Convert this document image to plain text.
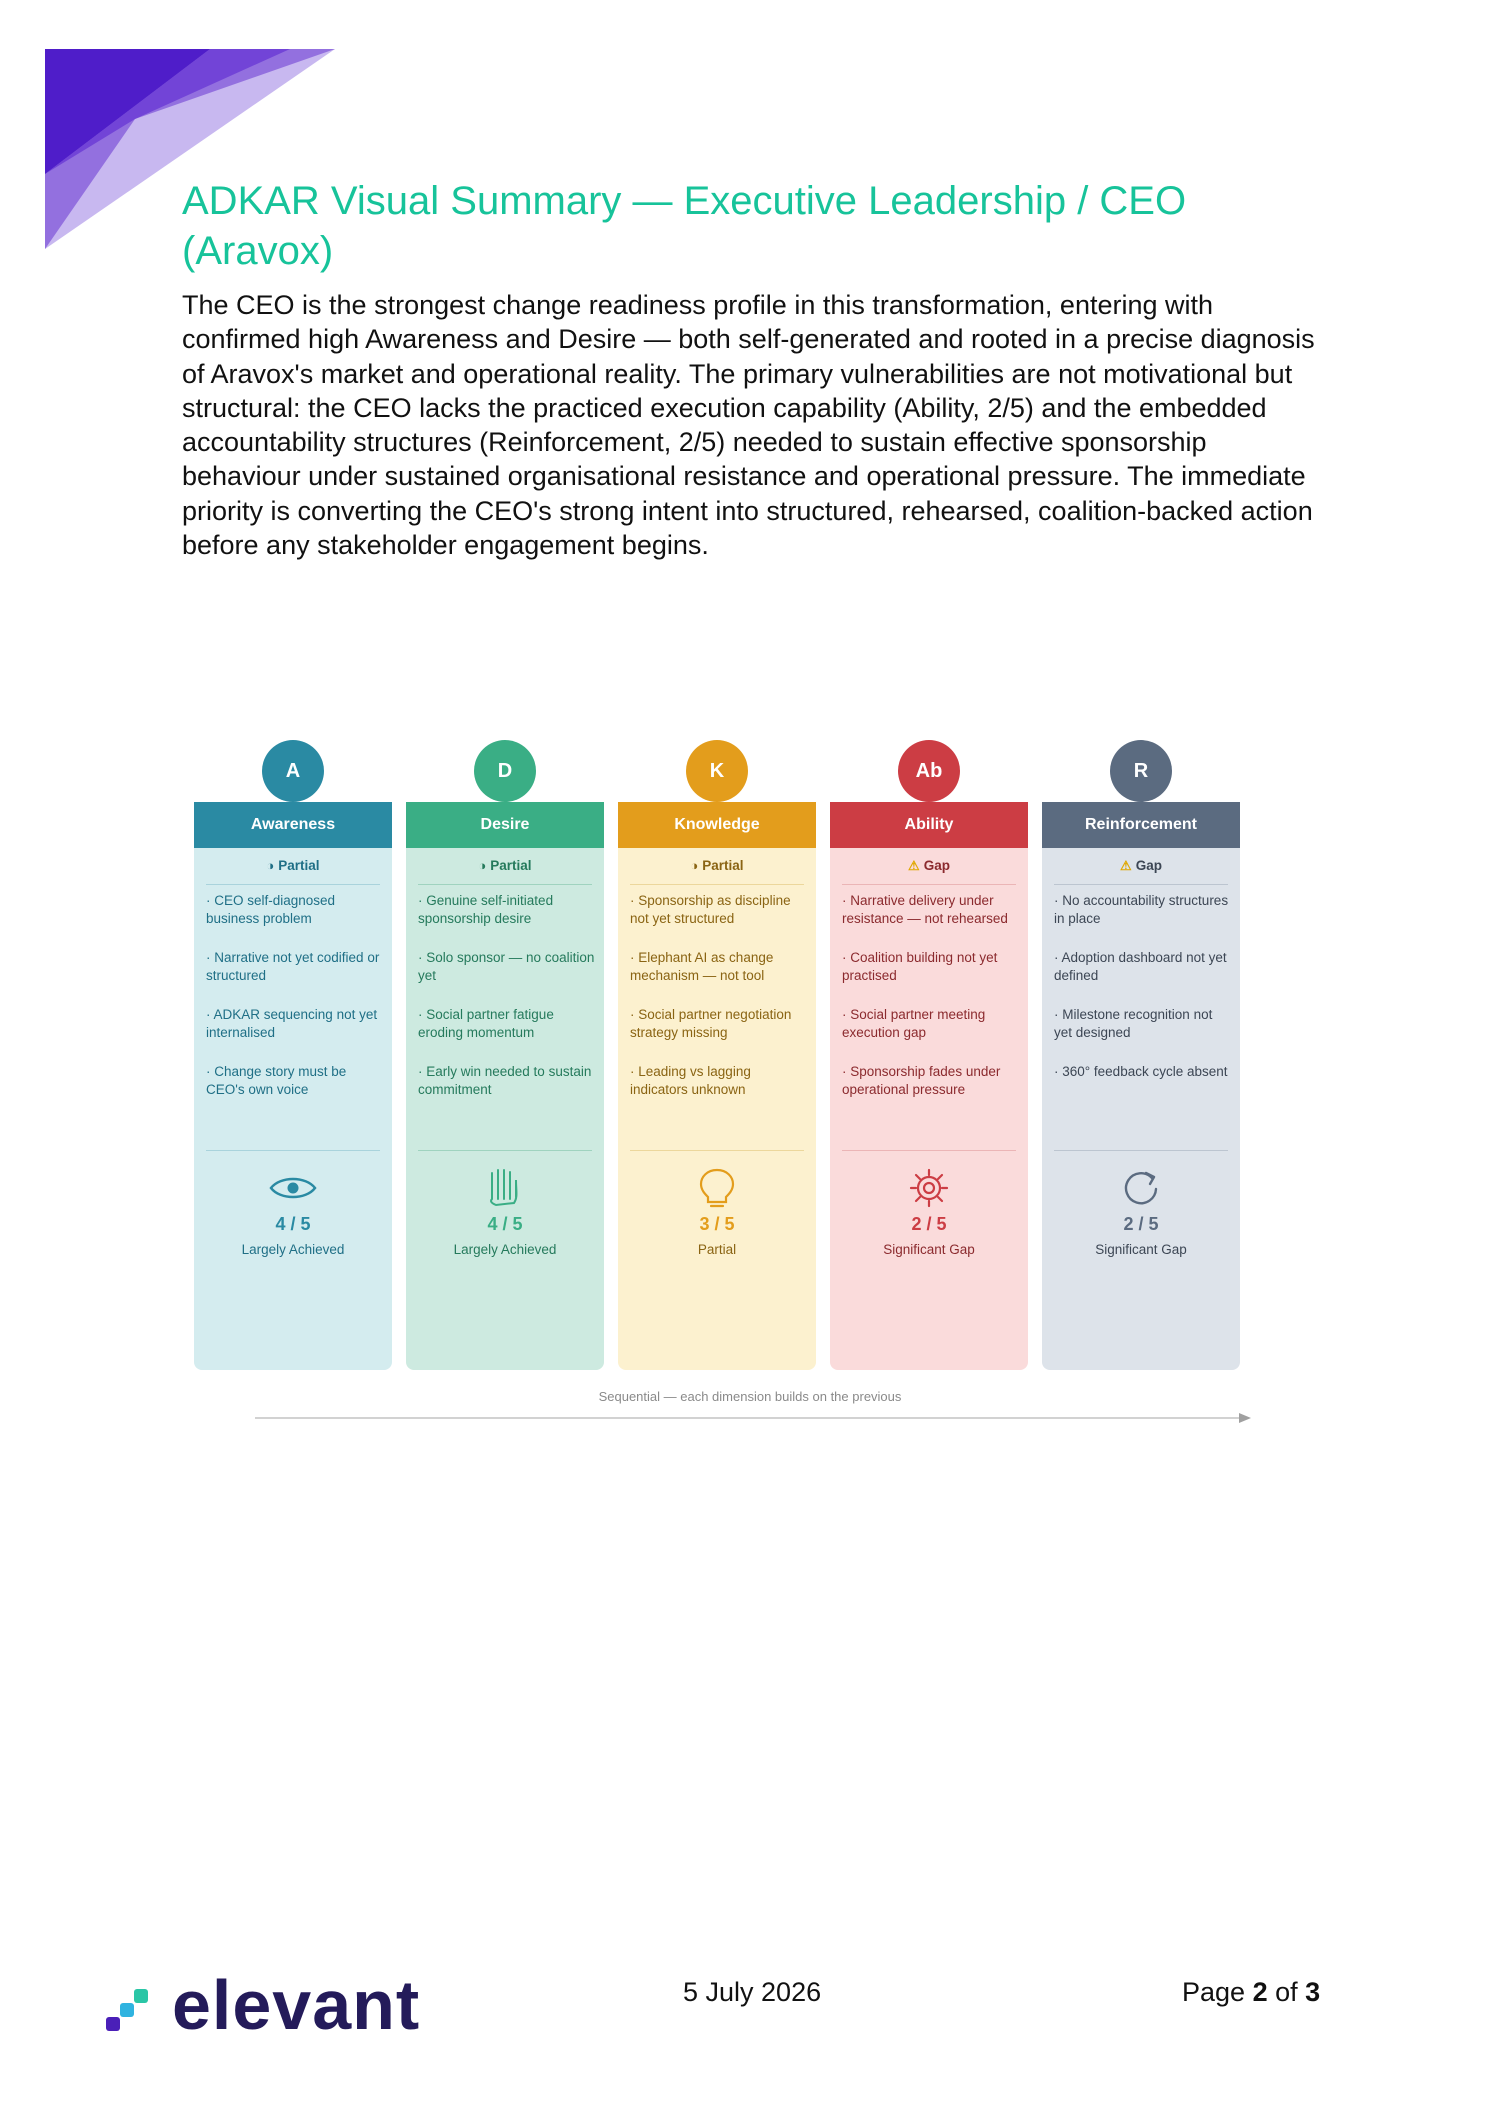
ADKAR Visual Summary — Executive Leadership / CEO (Aravox)

The CEO is the strongest change readiness profile in this transformation, entering with confirmed high Awareness and Desire — both self-generated and rooted in a precise diagnosis of Aravox's market and operational reality. The primary vulnerabilities are not motivational but structural: the CEO lacks the practiced execution capability (Ability, 2/5) and the embedded accountability structures (Reinforcement, 2/5) needed to sustain effective sponsorship behaviour under sustained organisational resistance and operational pressure. The immediate priority is converting the CEO's strong intent into structured, rehearsed, coalition-backed action before any stakeholder engagement begins.

A
Awareness
◑ Partial
· CEO self-diagnosed business problem
· Narrative not yet codified or structured
· ADKAR sequencing not yet internalised
· Change story must be CEO's own voice
4 / 5
Largely Achieved
D
Desire
◑ Partial
· Genuine self-initiated sponsorship desire
· Solo sponsor — no coalition yet
· Social partner fatigue eroding momentum
· Early win needed to sustain commitment
4 / 5
Largely Achieved
K
Knowledge
◑ Partial
· Sponsorship as discipline not yet structured
· Elephant AI as change mechanism — not tool
· Social partner negotiation strategy missing
· Leading vs lagging indicators unknown
3 / 5
Partial
Ab
Ability
⚠ Gap
· Narrative delivery under resistance — not rehearsed
· Coalition building not yet practised
· Social partner meeting execution gap
· Sponsorship fades under operational pressure
2 / 5
Significant Gap
R
Reinforcement
⚠ Gap
· No accountability structures in place
· Adoption dashboard not yet defined
· Milestone recognition not yet designed
· 360° feedback cycle absent
2 / 5
Significant Gap
Sequential — each dimension builds on the previous
elevant	5 July 2026	Page 2 of 3
